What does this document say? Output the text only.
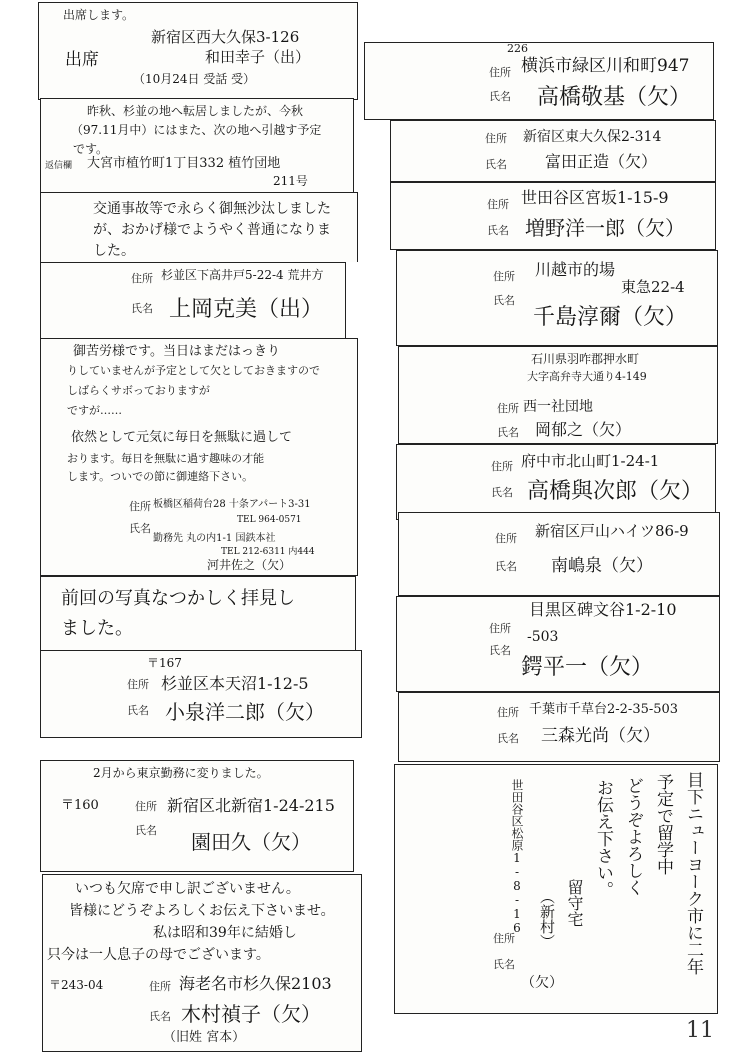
出席します。
新宿区西大久保3-126
出席	和田幸子（出）
（10月24日 受話 受）
昨秋、杉並の地へ転居しましたが、今秋
（97.11月中）にはまた、次の地へ引越す予定
です。
返信欄 大宮市植竹町1丁目332 植竹団地
211号
交通事故等で永らく御無沙汰しましたが、おかげ様でようやく普通になりました。
住所 杉並区下高井戸5-22-4 荒井方
氏名 上岡克美（出）
御苦労様です。当日はまだはっきり
りしていませんが予定として欠としておきますので
しばらくサボっておりますが
ですが……
依然として元気に毎日を無駄に過して
おります。毎日を無駄に過す趣味の才能
します。ついでの節に御連絡下さい。
住所 板橋区稲荷台28 十条アパート3-31
TEL 964-0571
氏名
勤務先 丸の内1-1 国鉄本社
TEL 212-6311 内444
河井佐之（欠）
前回の写真なつかしく拝見し
ました。
〒167
住所 杉並区本天沼1-12-5
氏名 小泉洋二郎（欠）
2月から東京勤務に変りました。
〒160	住所 新宿区北新宿1-24-215
氏名 園田久（欠）
いつも欠席で申し訳ございません。
皆様にどうぞよろしくお伝え下さいませ。
私は昭和39年に結婚し
只今は一人息子の母でございます。
〒243-04	住所 海老名市杉久保2103
氏名 木村禎子（欠）
（旧姓 宮本）
226
住所 横浜市緑区川和町947
氏名 高橋敬基（欠）
住所 新宿区東大久保2-314
氏名 富田正造（欠）
住所 世田谷区宮坂1-15-9
氏名 増野洋一郎（欠）
住所 川越市的場
東急22-4
氏名
千島淳爾（欠）
石川県羽咋郡押水町
大字高弁寺大通り4-149
住所 西一社団地
氏名 岡郁之（欠）
住所 府中市北山町1-24-1
氏名 高橋與次郎（欠）
住所 新宿区戸山ハイツ86-9
氏名 南嶋泉（欠）
住所
目黒区碑文谷1-2-10
-503
氏名
鍔平一（欠）
住所 千葉市千草台2-2-35-503
氏名 三森光尚（欠）
目下ニューヨーク市に二年
予定で留学中
どうぞよろしく
お伝え下さい。
留守宅
（新村）
世田谷区松原1-8-16
住所
氏名
（欠）
11
